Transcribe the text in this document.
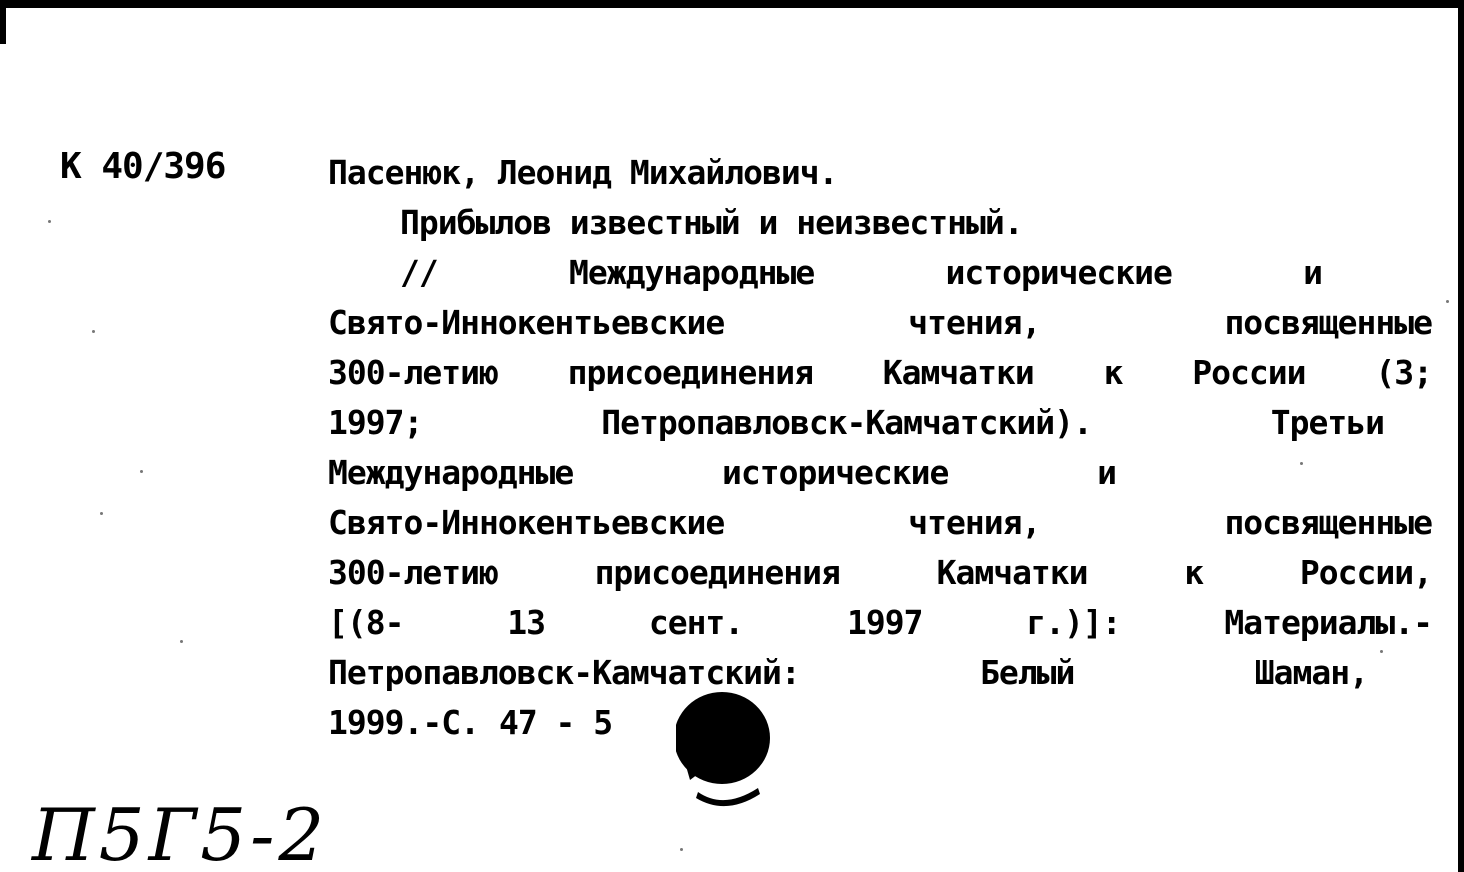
К 40/396	Пасенюк, Леонид Михайлович.
Прибылов известный и неизвестный.
//	Международные	исторические	и
Свято-Иннокентьевские	чтения,	посвященные
300-летию присоединения Камчатки к России (3;
1997;	Петропавловск-Камчатский).	Третьи
Международные	исторические	и
Свято-Иннокентьевские	чтения,	посвященные
300-летию	присоединения	Камчатки	к	России,
[(8-	13	сент.	1997	г.)]:	Материалы.-
Петропавловск-Камчатский:	Белый	Шаман,
1999.-С. 47 - 5
П5Г5-2
